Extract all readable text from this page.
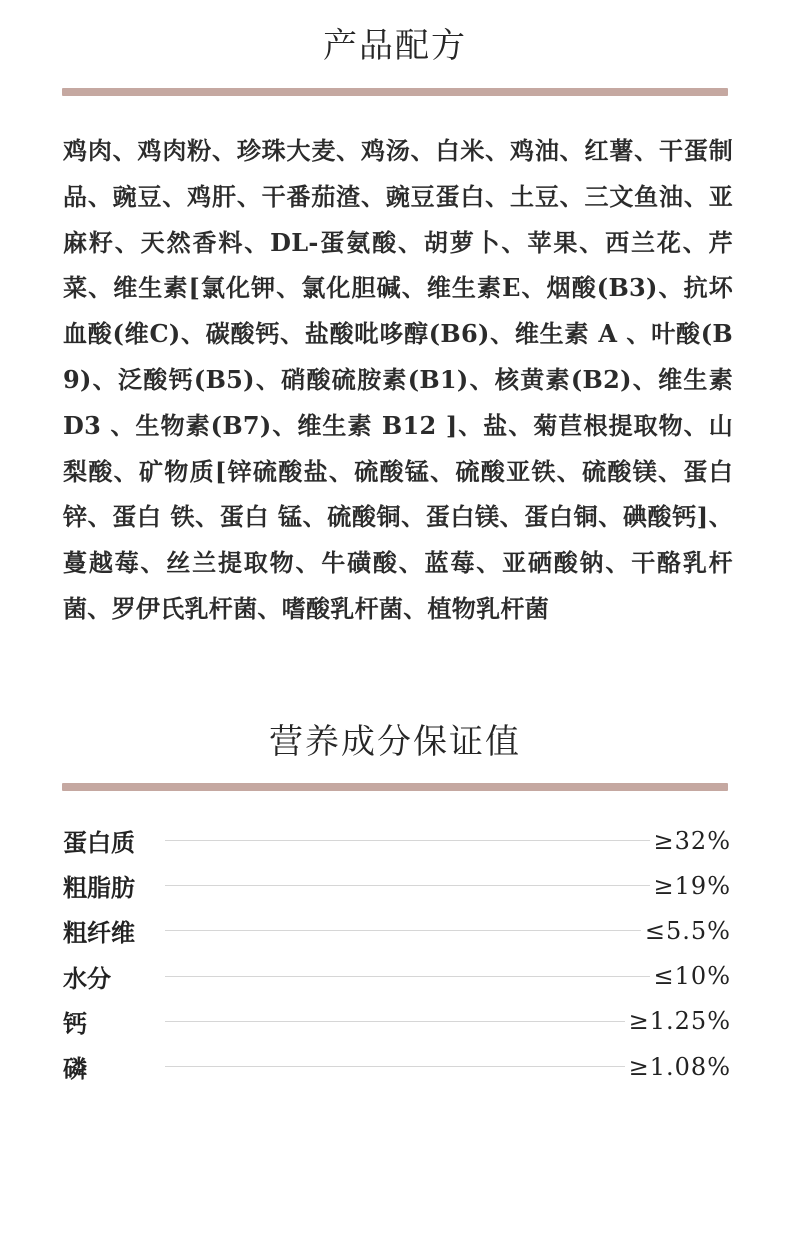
产品配方
鸡肉、鸡肉粉、珍珠大麦、鸡汤、白米、鸡油、红薯、干蛋制品、豌豆、鸡肝、干番茄渣、豌豆蛋白、土豆、三文鱼油、亚麻籽、天然香料、DL-蛋氨酸、胡萝卜、苹果、西兰花、芹菜、维生素[氯化钾、氯化胆碱、维生素E、烟酸(B3)、抗坏血酸(维C)、碳酸钙、盐酸吡哆醇(B6)、维生素 A 、叶酸(B9)、泛酸钙(B5)、硝酸硫胺素(B1)、核黄素(B2)、维生素 D3 、生物素(B7)、维生素 B12 ]、盐、菊苣根提取物、山梨酸、矿物质[锌硫酸盐、硫酸锰、硫酸亚铁、硫酸镁、蛋白锌、蛋白 铁、蛋白 锰、硫酸铜、蛋白镁、蛋白铜、碘酸钙]、蔓越莓、丝兰提取物、牛磺酸、蓝莓、亚硒酸钠、干酪乳杆菌、罗伊氏乳杆菌、嗜酸乳杆菌、植物乳杆菌
营养成分保证值
蛋白质	≥32%
粗脂肪	≥19%
粗纤维	≤5.5%
水分	≤10%
钙	≥1.25%
磷	≥1.08%
